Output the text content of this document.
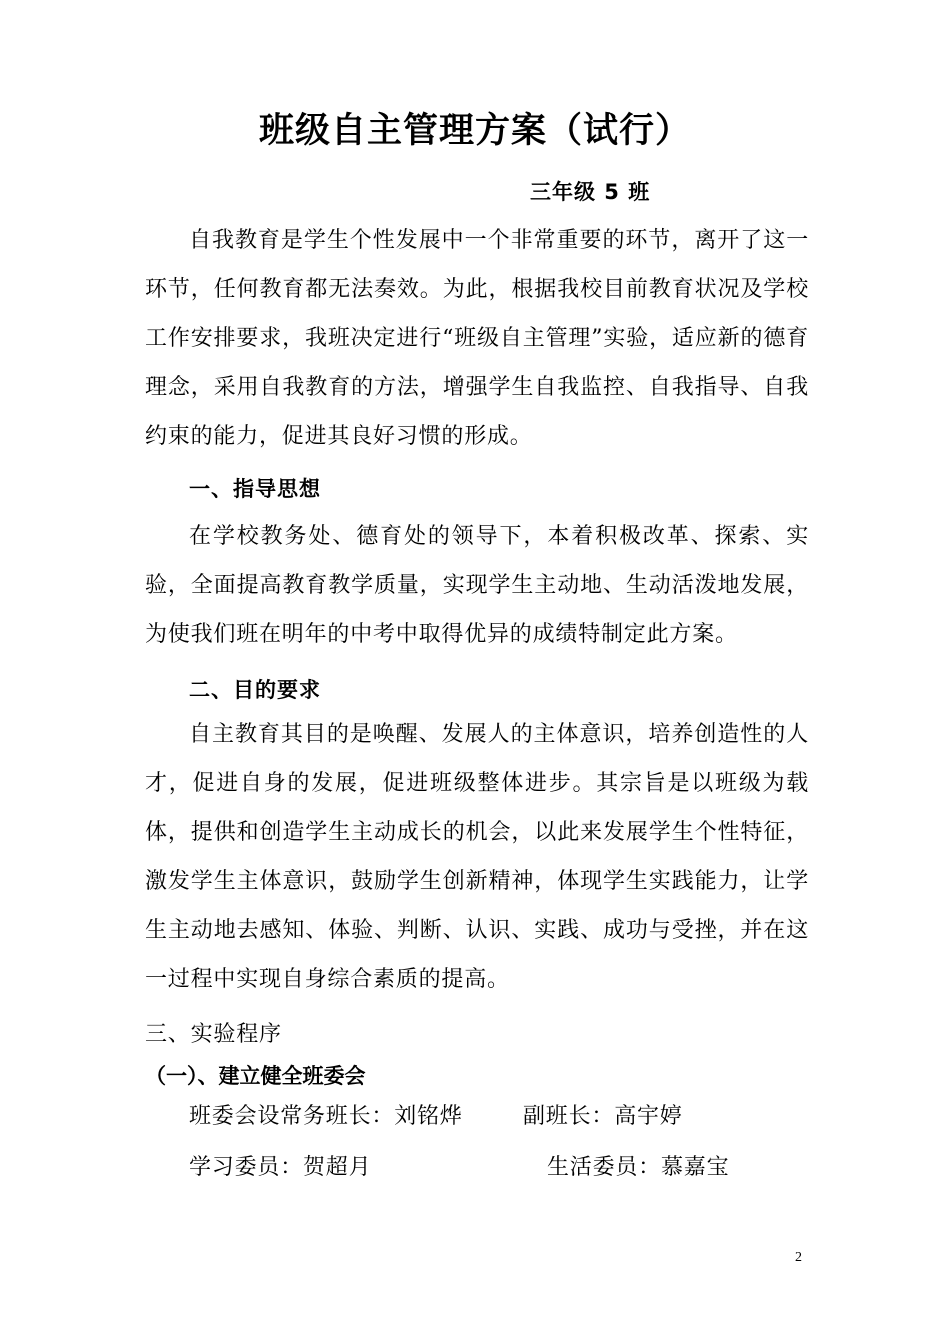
班级自主管理方案（试行）
三年级 5 班

自我教育是学生个性发展中一个非常重要的环节，离开了这一环节，任何教育都无法奏效。为此，根据我校目前教育状况及学校工作安排要求，我班决定进行“班级自主管理”实验，适应新的德育理念，采用自我教育的方法，增强学生自我监控、自我指导、自我约束的能力，促进其良好习惯的形成。

一、指导思想

在学校教务处、德育处的领导下，本着积极改革、探索、实验，全面提高教育教学质量，实现学生主动地、生动活泼地发展，为使我们班在明年的中考中取得优异的成绩特制定此方案。

二、目的要求

自主教育其目的是唤醒、发展人的主体意识，培养创造性的人才，促进自身的发展，促进班级整体进步。其宗旨是以班级为载体，提供和创造学生主动成长的机会，以此来发展学生个性特征，激发学生主体意识，鼓励学生创新精神，体现学生实践能力，让学生主动地去感知、体验、判断、认识、实践、成功与受挫，并在这一过程中实现自身综合素质的提高。

三、实验程序
（一）、建立健全班委会
班委会设常务班长：刘铭烨	副班长：高宇婷
学习委员：贺超月	生活委员：慕嘉宝
2
